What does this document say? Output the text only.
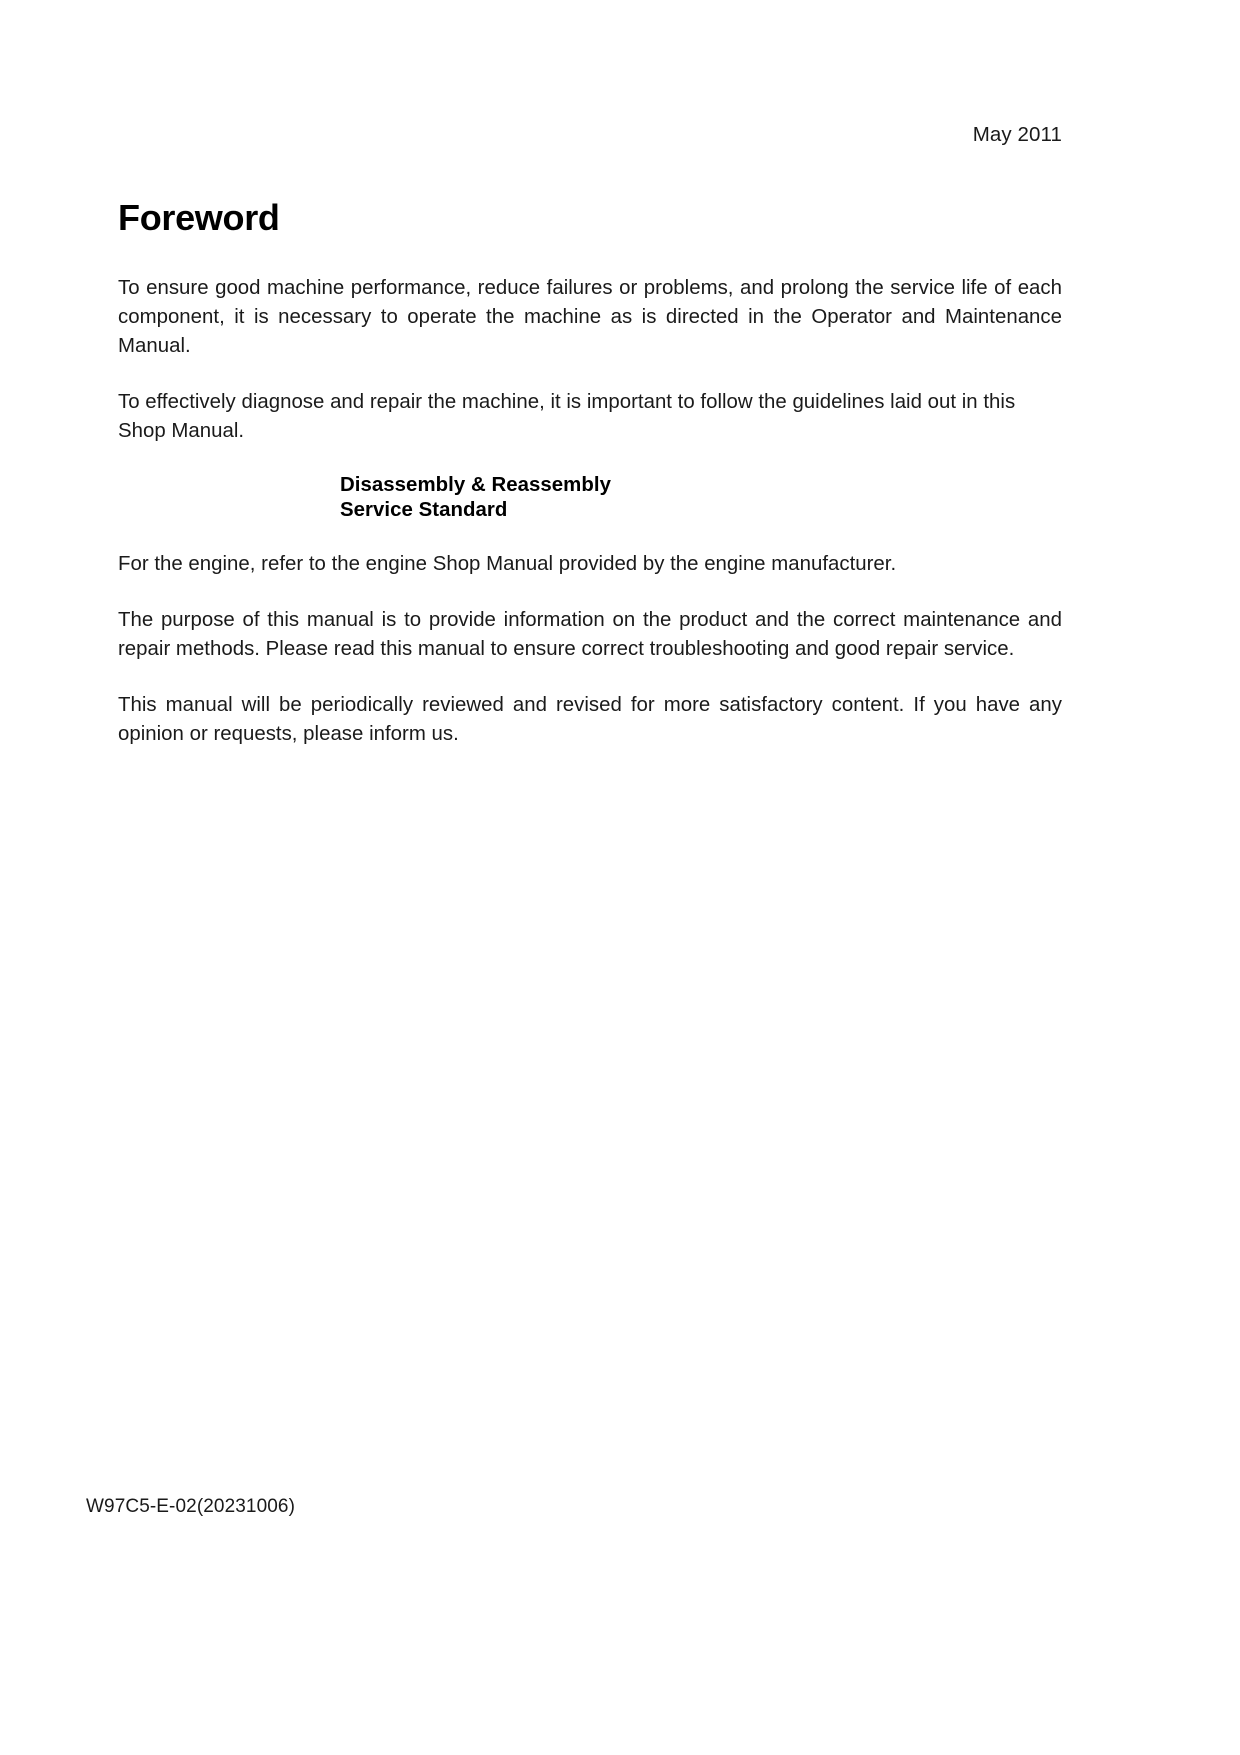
May 2011
Foreword

To ensure good machine performance, reduce failures or problems, and prolong the service life of each component, it is necessary to operate the machine as is directed in the Operator and Maintenance Manual.

To effectively diagnose and repair the machine, it is important to follow the guidelines laid out in this Shop Manual.

Disassembly & Reassembly
Service Standard

For the engine, refer to the engine Shop Manual provided by the engine manufacturer.

The purpose of this manual is to provide information on the product and the correct maintenance and repair methods. Please read this manual to ensure correct troubleshooting and good repair service.

This manual will be periodically reviewed and revised for more satisfactory content. If you have any opinion or requests, please inform us.

W97C5-E-02(20231006)
